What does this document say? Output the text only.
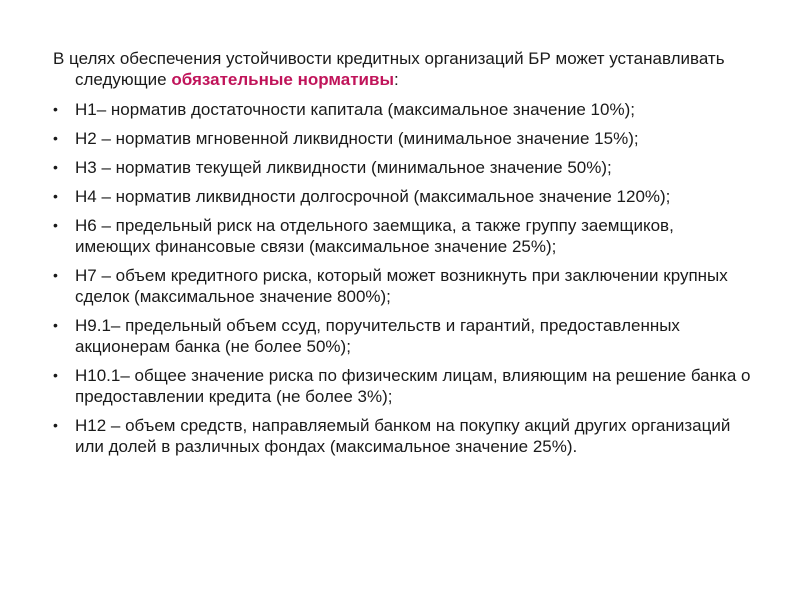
В целях обеспечения устойчивости кредитных организаций БР может устанавливать следующие обязательные нормативы:
•	Н1– норматив достаточности капитала (максимальное значение 10%);
•	Н2 – норматив мгновенной ликвидности (минимальное значение 15%);
•	Н3 – норматив текущей ликвидности (минимальное значение 50%);
•	Н4 – норматив ликвидности долгосрочной (максимальное значение 120%);
•	Н6 – предельный риск на отдельного заемщика, а также группу заемщиков, имеющих финансовые связи (максимальное значение 25%);
•	Н7 – объем кредитного риска, который может возникнуть при заключении крупных сделок (максимальное значение 800%);
•	Н9.1– предельный объем ссуд, поручительств и гарантий, предоставленных акционерам банка (не более 50%);
•	Н10.1– общее значение риска по физическим лицам, влияющим на решение банка о предоставлении кредита (не более 3%);
•	Н12 – объем средств, направляемый банком на покупку акций других организаций или долей в различных фондах (максимальное значение 25%).
